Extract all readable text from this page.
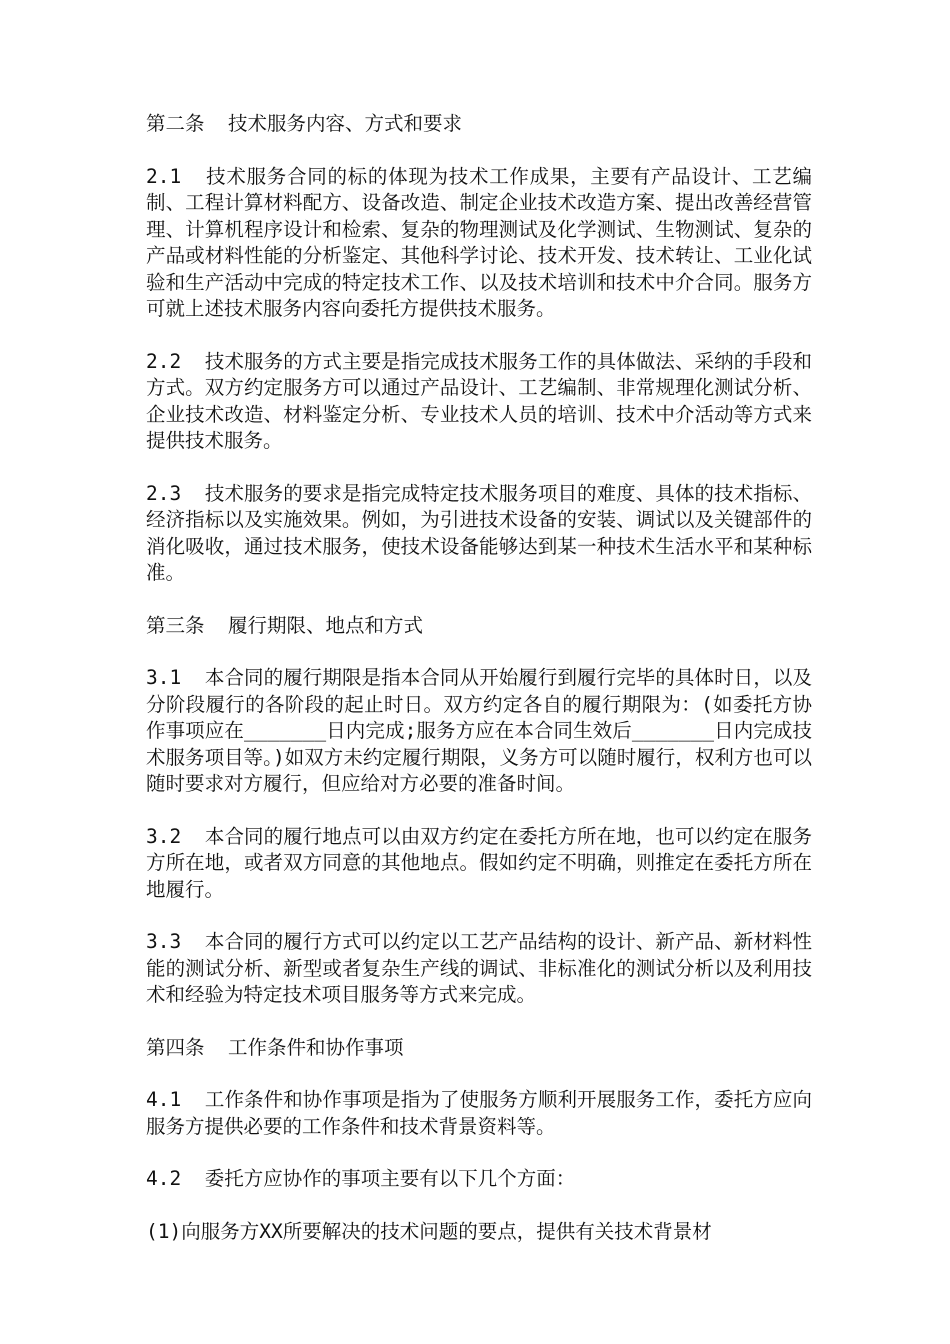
第二条  技术服务内容、方式和要求
2.1  技术服务合同的标的体现为技术工作成果，主要有产品设计、工艺编制、工程计算材料配方、设备改造、制定企业技术改造方案、提出改善经营管理、计算机程序设计和检索、复杂的物理测试及化学测试、生物测试、复杂的产品或材料性能的分析鉴定、其他科学讨论、技术开发、技术转让、工业化试验和生产活动中完成的特定技术工作、以及技术培训和技术中介合同。服务方可就上述技术服务内容向委托方提供技术服务。
2.2  技术服务的方式主要是指完成技术服务工作的具体做法、采纳的手段和方式。双方约定服务方可以通过产品设计、工艺编制、非常规理化测试分析、企业技术改造、材料鉴定分析、专业技术人员的培训、技术中介活动等方式来提供技术服务。
2.3  技术服务的要求是指完成特定技术服务项目的难度、具体的技术指标、经济指标以及实施效果。例如，为引进技术设备的安装、调试以及关键部件的消化吸收，通过技术服务，使技术设备能够达到某一种技术生活水平和某种标准。
第三条  履行期限、地点和方式
3.1  本合同的履行期限是指本合同从开始履行到履行完毕的具体时日，以及分阶段履行的各阶段的起止时日。双方约定各自的履行期限为：(如委托方协作事项应在_______日内完成;服务方应在本合同生效后_______日内完成技术服务项目等。)如双方未约定履行期限，义务方可以随时履行，权利方也可以随时要求对方履行，但应给对方必要的准备时间。
3.2  本合同的履行地点可以由双方约定在委托方所在地，也可以约定在服务方所在地，或者双方同意的其他地点。假如约定不明确，则推定在委托方所在地履行。
3.3  本合同的履行方式可以约定以工艺产品结构的设计、新产品、新材料性能的测试分析、新型或者复杂生产线的调试、非标准化的测试分析以及利用技术和经验为特定技术项目服务等方式来完成。
第四条  工作条件和协作事项
4.1  工作条件和协作事项是指为了使服务方顺利开展服务工作，委托方应向服务方提供必要的工作条件和技术背景资料等。
4.2  委托方应协作的事项主要有以下几个方面：
(1)向服务方XX所要解决的技术问题的要点，提供有关技术背景材
